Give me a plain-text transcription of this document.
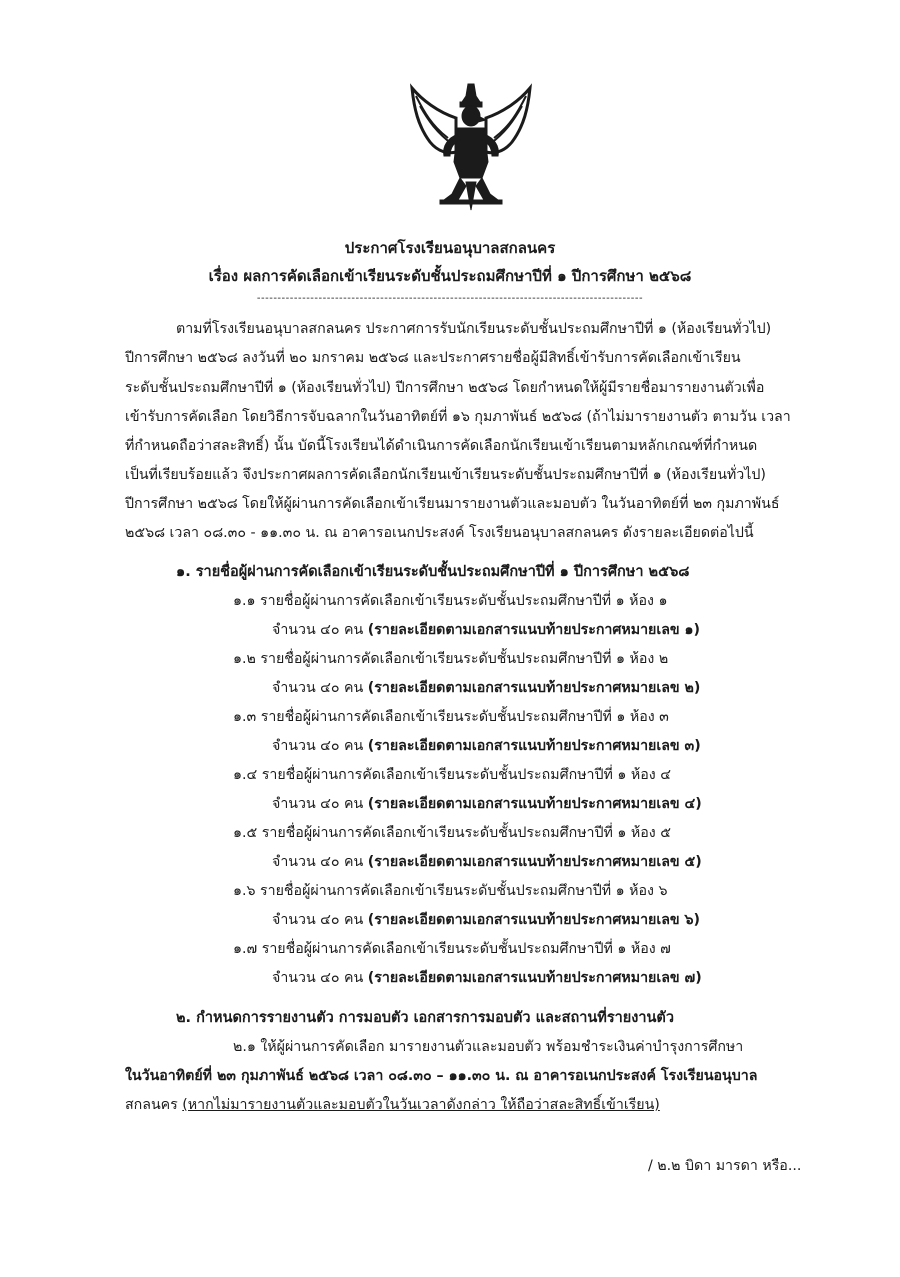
ประกาศโรงเรียนอนุบาลสกลนคร
เรื่อง ผลการคัดเลือกเข้าเรียนระดับชั้นประถมศึกษาปีที่ ๑ ปีการศึกษา ๒๕๖๘
----------------------------------------------------------------------------------------------
ตามที่โรงเรียนอนุบาลสกลนคร ประกาศการรับนักเรียนระดับชั้นประถมศึกษาปีที่ ๑ (ห้องเรียนทั่วไป)
ปีการศึกษา ๒๕๖๘ ลงวันที่ ๒๐ มกราคม ๒๕๖๘ และประกาศรายชื่อผู้มีสิทธิ์เข้ารับการคัดเลือกเข้าเรียน
ระดับชั้นประถมศึกษาปีที่ ๑ (ห้องเรียนทั่วไป) ปีการศึกษา ๒๕๖๘ โดยกำหนดให้ผู้มีรายชื่อมารายงานตัวเพื่อ
เข้ารับการคัดเลือก โดยวิธีการจับฉลากในวันอาทิตย์ที่ ๑๖ กุมภาพันธ์ ๒๕๖๘ (ถ้าไม่มารายงานตัว ตามวัน เวลา
ที่กำหนดถือว่าสละสิทธิ์) นั้น บัดนี้โรงเรียนได้ดำเนินการคัดเลือกนักเรียนเข้าเรียนตามหลักเกณฑ์ที่กำหนด
เป็นที่เรียบร้อยแล้ว จึงประกาศผลการคัดเลือกนักเรียนเข้าเรียนระดับชั้นประถมศึกษาปีที่ ๑ (ห้องเรียนทั่วไป)
ปีการศึกษา ๒๕๖๘ โดยให้ผู้ผ่านการคัดเลือกเข้าเรียนมารายงานตัวและมอบตัว ในวันอาทิตย์ที่ ๒๓ กุมภาพันธ์
๒๕๖๘ เวลา ๐๘.๓๐ - ๑๑.๓๐ น. ณ อาคารอเนกประสงค์ โรงเรียนอนุบาลสกลนคร ดังรายละเอียดต่อไปนี้
๑. รายชื่อผู้ผ่านการคัดเลือกเข้าเรียนระดับชั้นประถมศึกษาปีที่ ๑ ปีการศึกษา ๒๕๖๘
๑.๑ รายชื่อผู้ผ่านการคัดเลือกเข้าเรียนระดับชั้นประถมศึกษาปีที่ ๑ ห้อง ๑
จำนวน ๔๐ คน (รายละเอียดตามเอกสารแนบท้ายประกาศหมายเลข ๑)
๑.๒ รายชื่อผู้ผ่านการคัดเลือกเข้าเรียนระดับชั้นประถมศึกษาปีที่ ๑ ห้อง ๒
จำนวน ๔๐ คน (รายละเอียดตามเอกสารแนบท้ายประกาศหมายเลข ๒)
๑.๓ รายชื่อผู้ผ่านการคัดเลือกเข้าเรียนระดับชั้นประถมศึกษาปีที่ ๑ ห้อง ๓
จำนวน ๔๐ คน (รายละเอียดตามเอกสารแนบท้ายประกาศหมายเลข ๓)
๑.๔ รายชื่อผู้ผ่านการคัดเลือกเข้าเรียนระดับชั้นประถมศึกษาปีที่ ๑ ห้อง ๔
จำนวน ๔๐ คน (รายละเอียดตามเอกสารแนบท้ายประกาศหมายเลข ๔)
๑.๕ รายชื่อผู้ผ่านการคัดเลือกเข้าเรียนระดับชั้นประถมศึกษาปีที่ ๑ ห้อง ๕
จำนวน ๔๐ คน (รายละเอียดตามเอกสารแนบท้ายประกาศหมายเลข ๕)
๑.๖ รายชื่อผู้ผ่านการคัดเลือกเข้าเรียนระดับชั้นประถมศึกษาปีที่ ๑ ห้อง ๖
จำนวน ๔๐ คน (รายละเอียดตามเอกสารแนบท้ายประกาศหมายเลข ๖)
๑.๗ รายชื่อผู้ผ่านการคัดเลือกเข้าเรียนระดับชั้นประถมศึกษาปีที่ ๑ ห้อง ๗
จำนวน ๔๐ คน (รายละเอียดตามเอกสารแนบท้ายประกาศหมายเลข ๗)
๒. กำหนดการรายงานตัว การมอบตัว เอกสารการมอบตัว และสถานที่รายงานตัว
๒.๑ ให้ผู้ผ่านการคัดเลือก มารายงานตัวและมอบตัว พร้อมชำระเงินค่าบำรุงการศึกษา
ในวันอาทิตย์ที่ ๒๓ กุมภาพันธ์ ๒๕๖๘ เวลา ๐๘.๓๐ – ๑๑.๓๐ น. ณ อาคารอเนกประสงค์ โรงเรียนอนุบาล
สกลนคร (หากไม่มารายงานตัวและมอบตัวในวันเวลาดังกล่าว ให้ถือว่าสละสิทธิ์เข้าเรียน)
/ ๒.๒ บิดา มารดา หรือ...
